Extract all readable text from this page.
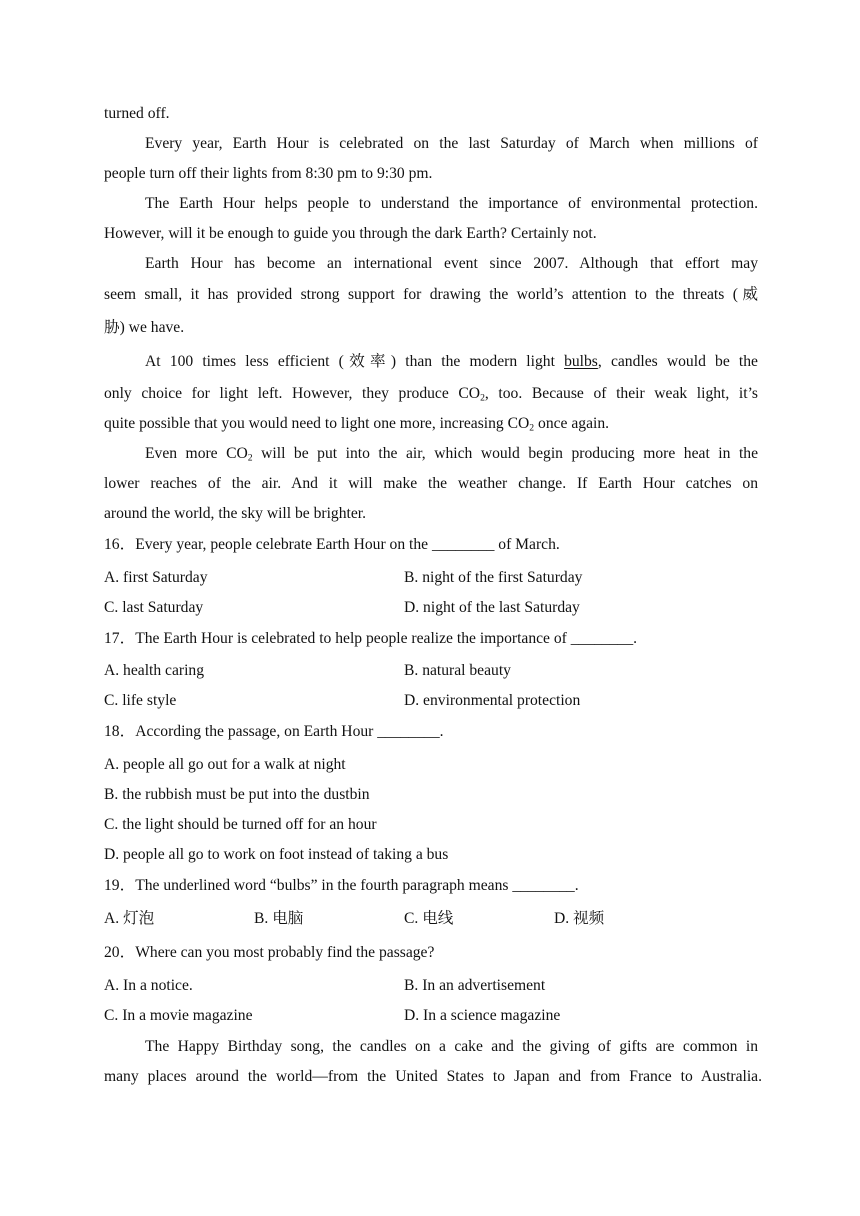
turned off.
Every year, Earth Hour is celebrated on the last Saturday of March when millions of
people turn off their lights from 8:30 pm to 9:30 pm.
The Earth Hour helps people to understand the importance of environmental protection.
However, will it be enough to guide you through the dark Earth? Certainly not.
Earth Hour has become an international event since 2007. Although that effort may
seem small, it has provided strong support for drawing the world’s attention to the threats (威
胁) we have.
At 100 times less efficient (效率) than the modern light bulbs, candles would be the
only choice for light left. However, they produce $CO_2$, too. Because of their weak light, it’s
quite possible that you would need to light one more, increasing $CO_2$ once again.
Even more $CO_2$ will be put into the air, which would begin producing more heat in the
lower reaches of the air. And it will make the weather change. If Earth Hour catches on
around the world, the sky will be brighter.
16．Every year, people celebrate Earth Hour on the ________ of March.
A. first Saturday	B. night of the first Saturday
C. last Saturday	D. night of the last Saturday
17．The Earth Hour is celebrated to help people realize the importance of ________.
A. health caring	B. natural beauty
C. life style	D. environmental protection
18．According the passage, on Earth Hour ________.
A. people all go out for a walk at night
B. the rubbish must be put into the dustbin
C. the light should be turned off for an hour
D. people all go to work on foot instead of taking a bus
19．The underlined word “bulbs” in the fourth paragraph means ________.
A. 灯泡	B. 电脑	C. 电线	D. 视频
20．Where can you most probably find the passage?
A. In a notice.	B. In an advertisement
C. In a movie magazine	D. In a science magazine
The Happy Birthday song, the candles on a cake and the giving of gifts are common in
many places around the world—from the United States to Japan and from France to Australia.
